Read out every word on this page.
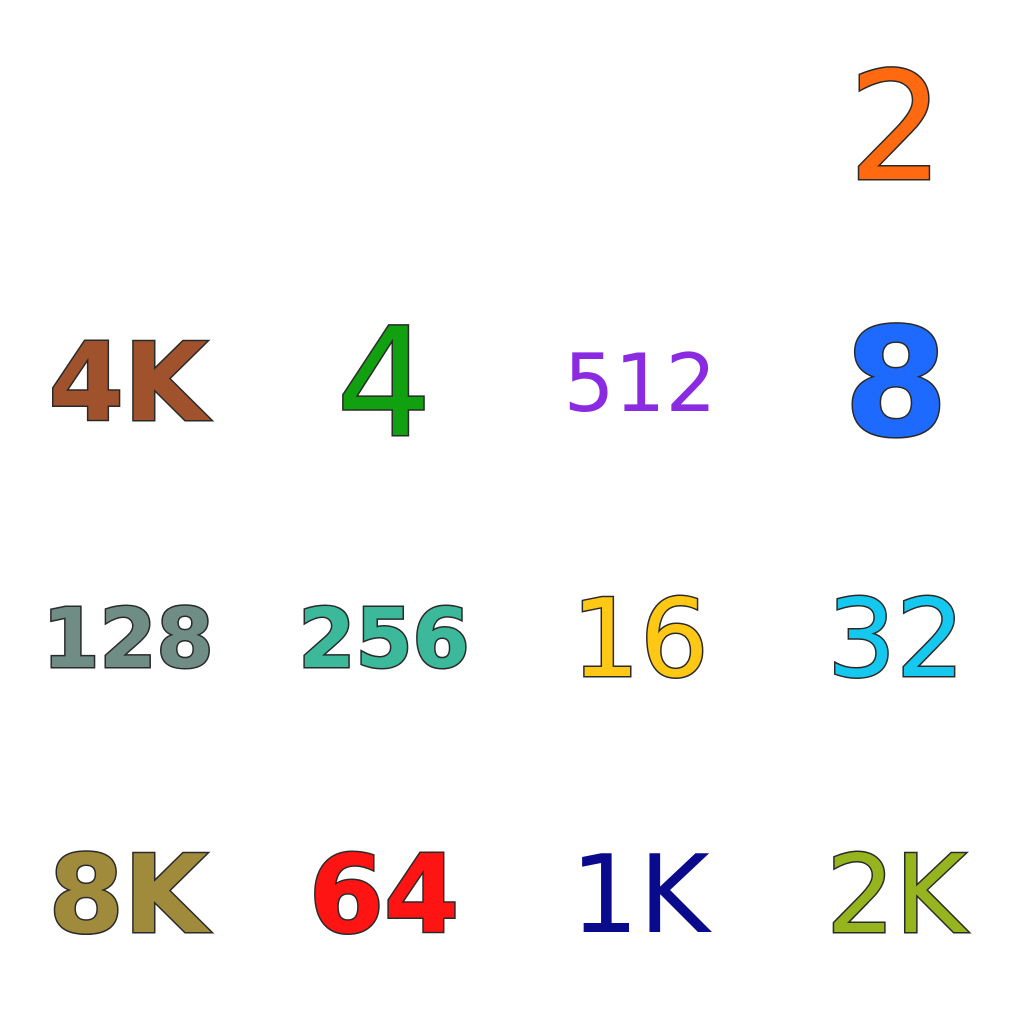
2
4K 4 512 8
128 256 16 32
8K 64 1K 2K
